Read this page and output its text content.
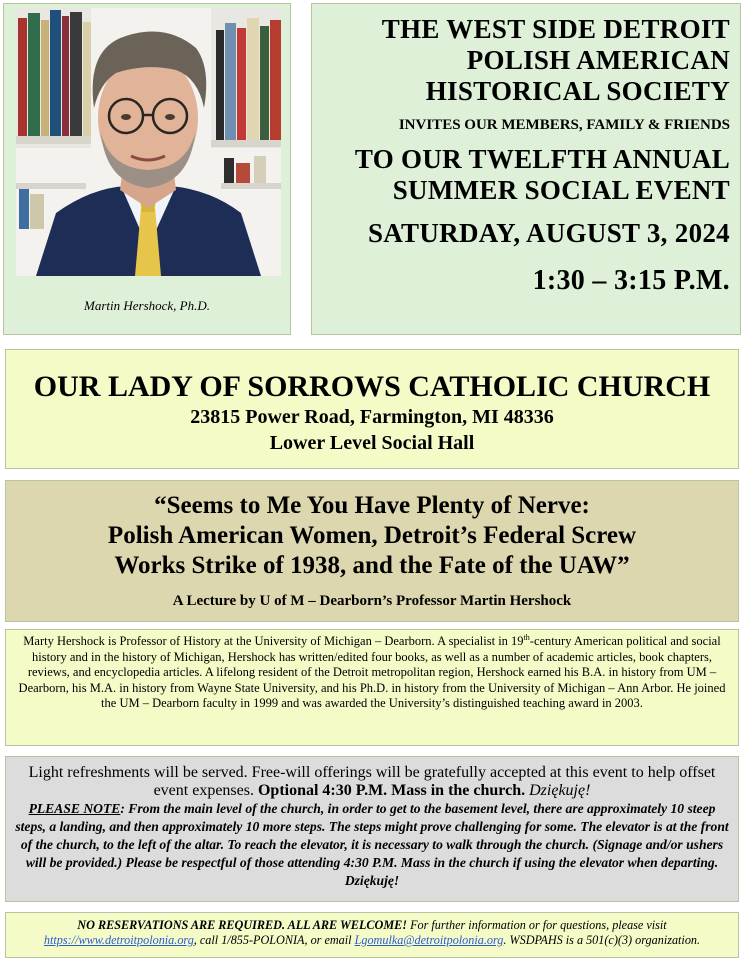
Martin Hershock, Ph.D.
THE WEST SIDE DETROIT
POLISH AMERICAN
HISTORICAL SOCIETY
INVITES OUR MEMBERS, FAMILY & FRIENDS
TO OUR TWELFTH ANNUAL
SUMMER SOCIAL EVENT
SATURDAY, AUGUST 3, 2024
1:30 – 3:15 P.M.
OUR LADY OF SORROWS CATHOLIC CHURCH
23815 Power Road, Farmington, MI 48336
Lower Level Social Hall
“Seems to Me You Have Plenty of Nerve:
Polish American Women, Detroit’s Federal Screw
Works Strike of 1938, and the Fate of the UAW”
A Lecture by U of M – Dearborn’s Professor Martin Hershock
Marty Hershock is Professor of History at the University of Michigan – Dearborn. A specialist in 19th-century American political and social history and in the history of Michigan, Hershock has written/edited four books, as well as a number of academic articles, book chapters, reviews, and encyclopedia articles. A lifelong resident of the Detroit metropolitan region, Hershock earned his B.A. in history from UM – Dearborn, his M.A. in history from Wayne State University, and his Ph.D. in history from the University of Michigan – Ann Arbor. He joined the UM – Dearborn faculty in 1999 and was awarded the University’s distinguished teaching award in 2003.
Light refreshments will be served. Free-will offerings will be gratefully accepted at this event to help offset event expenses. Optional 4:30 P.M. Mass in the church. Dziękuję!
PLEASE NOTE: From the main level of the church, in order to get to the basement level, there are approximately 10 steep steps, a landing, and then approximately 10 more steps. The steps might prove challenging for some. The elevator is at the front of the church, to the left of the altar. To reach the elevator, it is necessary to walk through the church. (Signage and/or ushers will be provided.) Please be respectful of those attending 4:30 P.M. Mass in the church if using the elevator when departing. Dziękuję!
NO RESERVATIONS ARE REQUIRED. ALL ARE WELCOME! For further information or for questions, please visit https://www.detroitpolonia.org, call 1/855-POLONIA, or email Lgomulka@detroitpolonia.org. WSDPAHS is a 501(c)(3) organization.
